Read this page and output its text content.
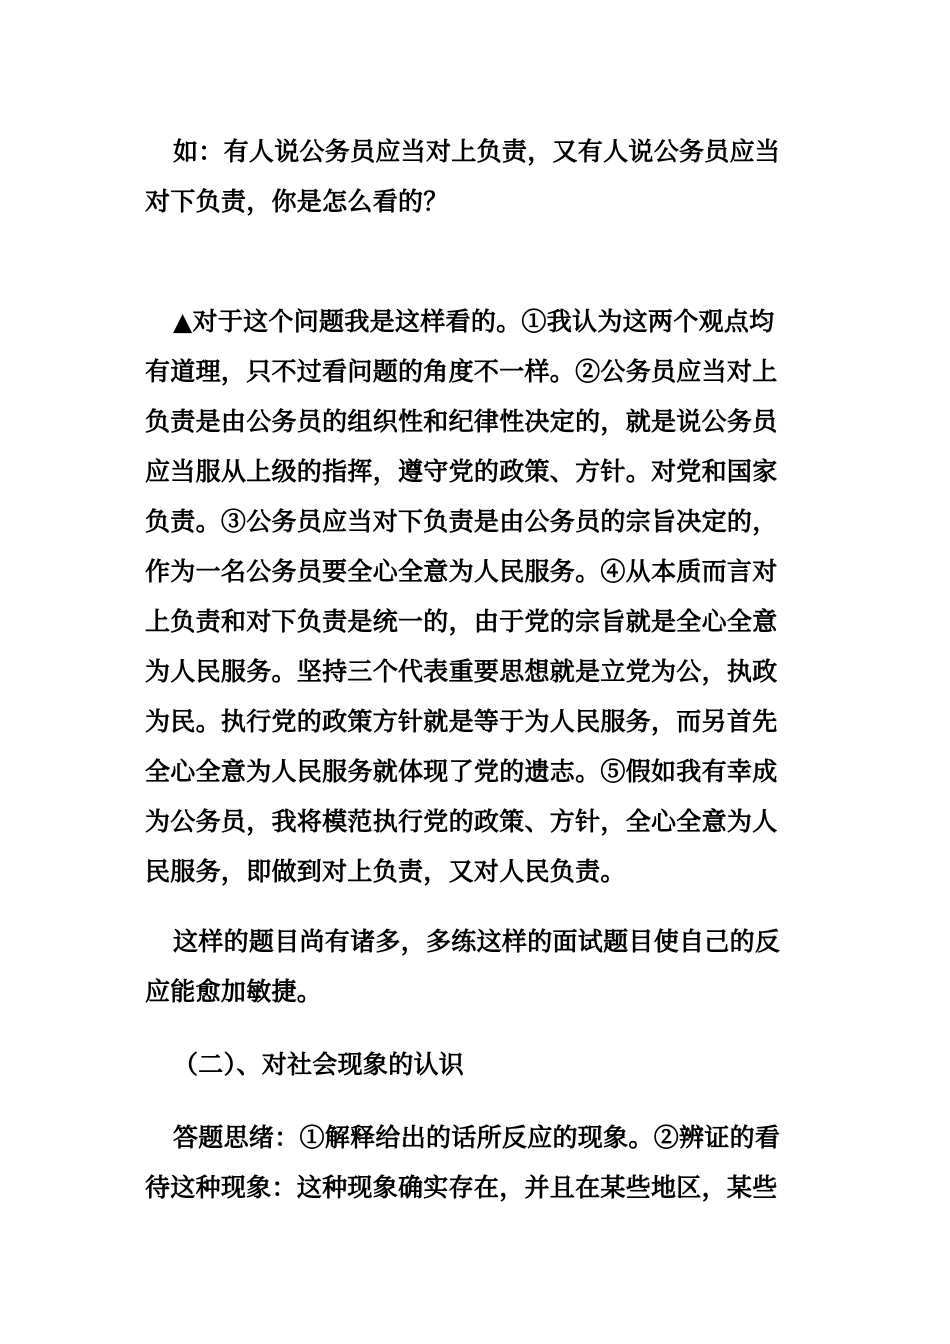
如：有人说公务员应当对上负责，又有人说公务员应当对下负责，你是怎么看的？

▲对于这个问题我是这样看的。①我认为这两个观点均有道理，只不过看问题的角度不一样。②公务员应当对上负责是由公务员的组织性和纪律性决定的，就是说公务员应当服从上级的指挥，遵守党的政策、方针。对党和国家负责。③公务员应当对下负责是由公务员的宗旨决定的，作为一名公务员要全心全意为人民服务。④从本质而言对上负责和对下负责是统一的，由于党的宗旨就是全心全意为人民服务。坚持三个代表重要思想就是立党为公，执政为民。执行党的政策方针就是等于为人民服务，而另首先全心全意为人民服务就体现了党的遗志。⑤假如我有幸成为公务员，我将模范执行党的政策、方针，全心全意为人民服务，即做到对上负责，又对人民负责。

这样的题目尚有诸多，多练这样的面试题目使自己的反应能愈加敏捷。

（二）、对社会现象的认识

答题思绪：①解释给出的话所反应的现象。②辨证的看待这种现象：这种现象确实存在，并且在某些地区，某些
